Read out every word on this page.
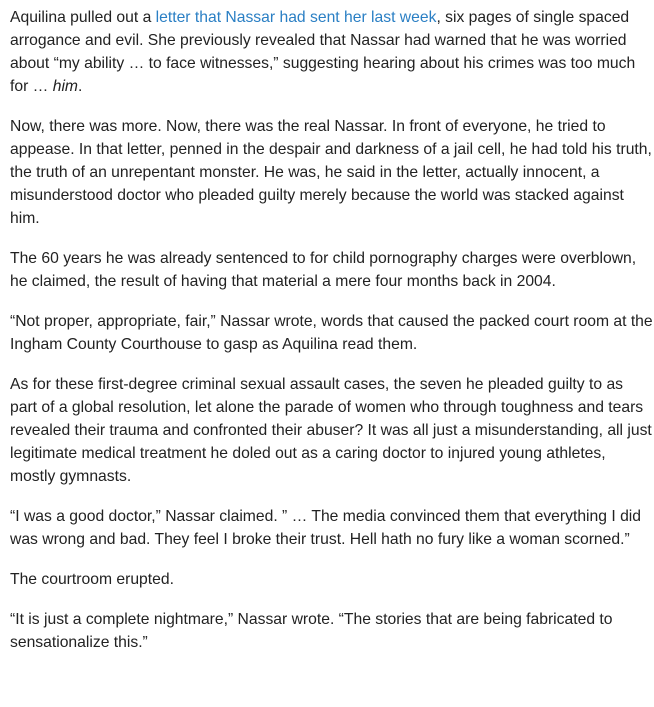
Aquilina pulled out a letter that Nassar had sent her last week, six pages of single spaced arrogance and evil. She previously revealed that Nassar had warned that he was worried about “my ability … to face witnesses,” suggesting hearing about his crimes was too much for … him.

Now, there was more. Now, there was the real Nassar. In front of everyone, he tried to appease. In that letter, penned in the despair and darkness of a jail cell, he had told his truth, the truth of an unrepentant monster. He was, he said in the letter, actually innocent, a misunderstood doctor who pleaded guilty merely because the world was stacked against him.

The 60 years he was already sentenced to for child pornography charges were overblown, he claimed, the result of having that material a mere four months back in 2004.

“Not proper, appropriate, fair,” Nassar wrote, words that caused the packed court room at the Ingham County Courthouse to gasp as Aquilina read them.

As for these first-degree criminal sexual assault cases, the seven he pleaded guilty to as part of a global resolution, let alone the parade of women who through toughness and tears revealed their trauma and confronted their abuser? It was all just a misunderstanding, all just legitimate medical treatment he doled out as a caring doctor to injured young athletes, mostly gymnasts.

“I was a good doctor,” Nassar claimed. ” … The media convinced them that everything I did was wrong and bad. They feel I broke their trust. Hell hath no fury like a woman scorned.”

The courtroom erupted.

“It is just a complete nightmare,” Nassar wrote. “The stories that are being fabricated to sensationalize this.”
